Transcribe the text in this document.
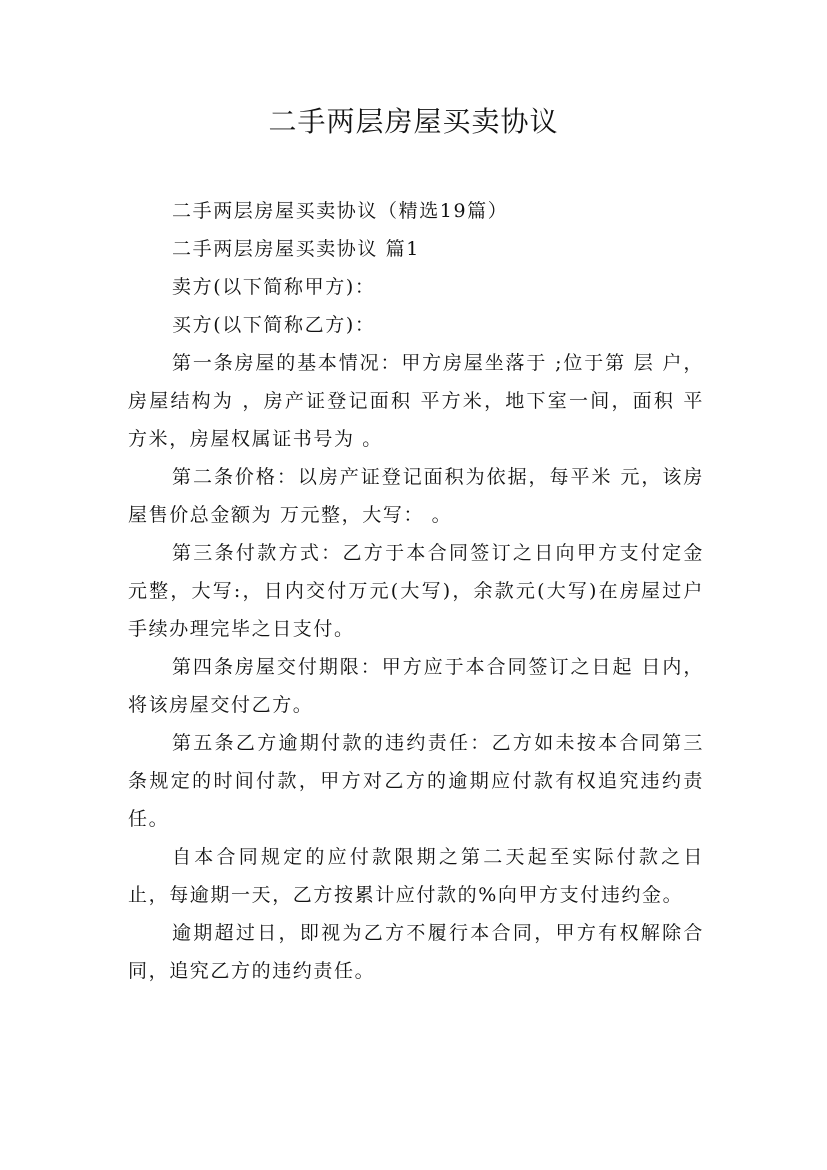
二手两层房屋买卖协议

二手两层房屋买卖协议（精选19篇）

二手两层房屋买卖协议 篇1

卖方(以下简称甲方)：

买方(以下简称乙方)：

第一条房屋的基本情况：甲方房屋坐落于 ;位于第 层 户，房屋结构为 ，房产证登记面积 平方米，地下室一间，面积 平方米，房屋权属证书号为 。

第二条价格：以房产证登记面积为依据，每平米 元，该房屋售价总金额为 万元整，大写： 。

第三条付款方式：乙方于本合同签订之日向甲方支付定金元整，大写:，日内交付万元(大写)，余款元(大写)在房屋过户手续办理完毕之日支付。

第四条房屋交付期限：甲方应于本合同签订之日起 日内，将该房屋交付乙方。

第五条乙方逾期付款的违约责任：乙方如未按本合同第三条规定的时间付款，甲方对乙方的逾期应付款有权追究违约责任。

自本合同规定的应付款限期之第二天起至实际付款之日止，每逾期一天，乙方按累计应付款的%向甲方支付违约金。

逾期超过日，即视为乙方不履行本合同，甲方有权解除合同，追究乙方的违约责任。
